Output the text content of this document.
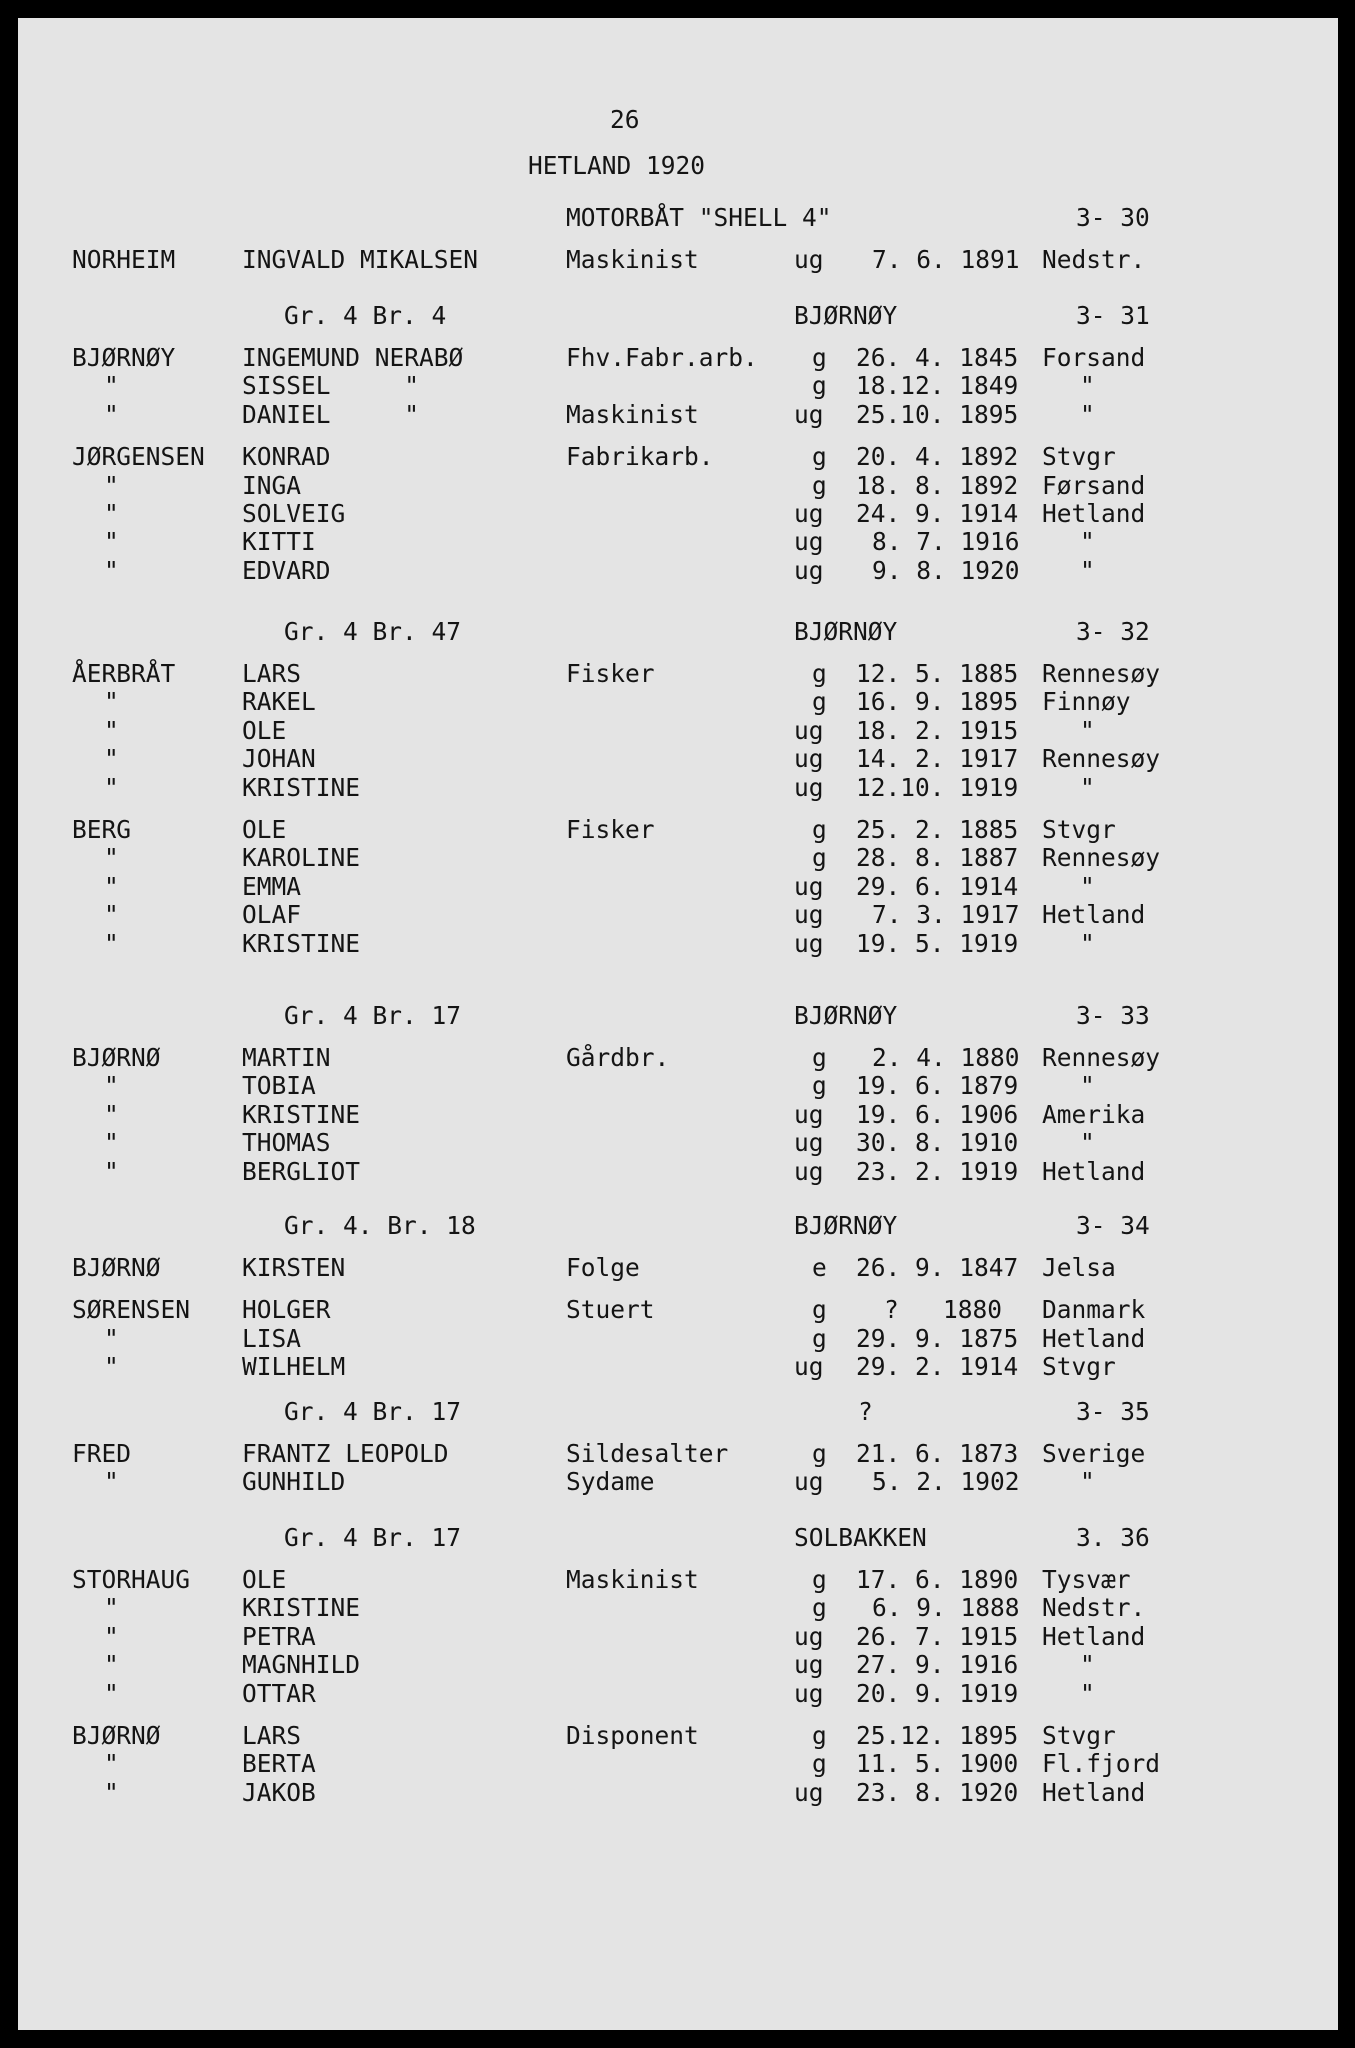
26
HETLAND 1920
MOTORBÅT "SHELL 4"	3- 30
NORHEIM	INGVALD MIKALSEN	Maskinist	ug 7. 6. 1891 Nedstr.
Gr. 4 Br. 4	BJØRNØY	3- 31
BJØRNØY	INGEMUND NERABØ	Fhv.Fabr.arb. g 26. 4. 1845 Forsand
"	SISSEL     "	g 18.12. 1849	"
"	DANIEL     "	Maskinist	ug 25.10. 1895	"
JØRGENSEN KONRAD	Fabrikarb.	g 20. 4. 1892 Stvgr
"	INGA	g 18. 8. 1892 Førsand
"	SOLVEIG	ug 24. 9. 1914 Hetland
"	KITTI	ug 8. 7. 1916 "
"	EDVARD	ug 9. 8. 1920 "
Gr. 4 Br. 47	BJØRNØY	3- 32
ÅERBRÅT	LARS	Fisker	g 12. 5. 1885 Rennesøy
"	RAKEL	g 16. 9. 1895 Finnøy
"	OLE	ug 18. 2. 1915	"
"	JOHAN	ug 14. 2. 1917 Rennesøy
"	KRISTINE	ug 12.10. 1919	"
BERG	OLE	Fisker	g 25. 2. 1885 Stvgr
"	KAROLINE	g 28. 8. 1887 Rennesøy
"	EMMA	ug 29. 6. 1914	"
"	OLAF	ug 7. 3. 1917 Hetland
"	KRISTINE	ug 19. 5. 1919	"
Gr. 4 Br. 17	BJØRNØY	3- 33
BJØRNØ	MARTIN	Gårdbr.	g 2. 4. 1880 Rennesøy
"	TOBIA	g 19. 6. 1879	"
"	KRISTINE	ug 19. 6. 1906 Amerika
"	THOMAS	ug 30. 8. 1910	"
"	BERGLIOT	ug 23. 2. 1919 Hetland
Gr. 4. Br. 18	BJØRNØY	3- 34
BJØRNØ	KIRSTEN	Folge	e 26. 9. 1847 Jelsa
SØRENSEN HOLGER	Stuert	g ?   1880 Danmark
"	LISA	g 29. 9. 1875 Hetland
"	WILHELM	ug 29. 2. 1914 Stvgr
Gr. 4 Br. 17	?	3- 35
FRED	FRANTZ LEOPOLD	Sildesalter	g 21. 6. 1873 Sverige
"	GUNHILD	Sydame	ug 5. 2. 1902 "
Gr. 4 Br. 17	SOLBAKKEN	3. 36
STORHAUG OLE	Maskinist	g 17. 6. 1890 Tysvær
"	KRISTINE	g 6. 9. 1888 Nedstr.
"	PETRA	ug 26. 7. 1915 Hetland
"	MAGNHILD	ug 27. 9. 1916	"
"	OTTAR	ug 20. 9. 1919	"
BJØRNØ	LARS	Disponent	g 25.12. 1895 Stvgr
"	BERTA	g 11. 5. 1900 Fl.fjord
"	JAKOB	ug 23. 8. 1920 Hetland
